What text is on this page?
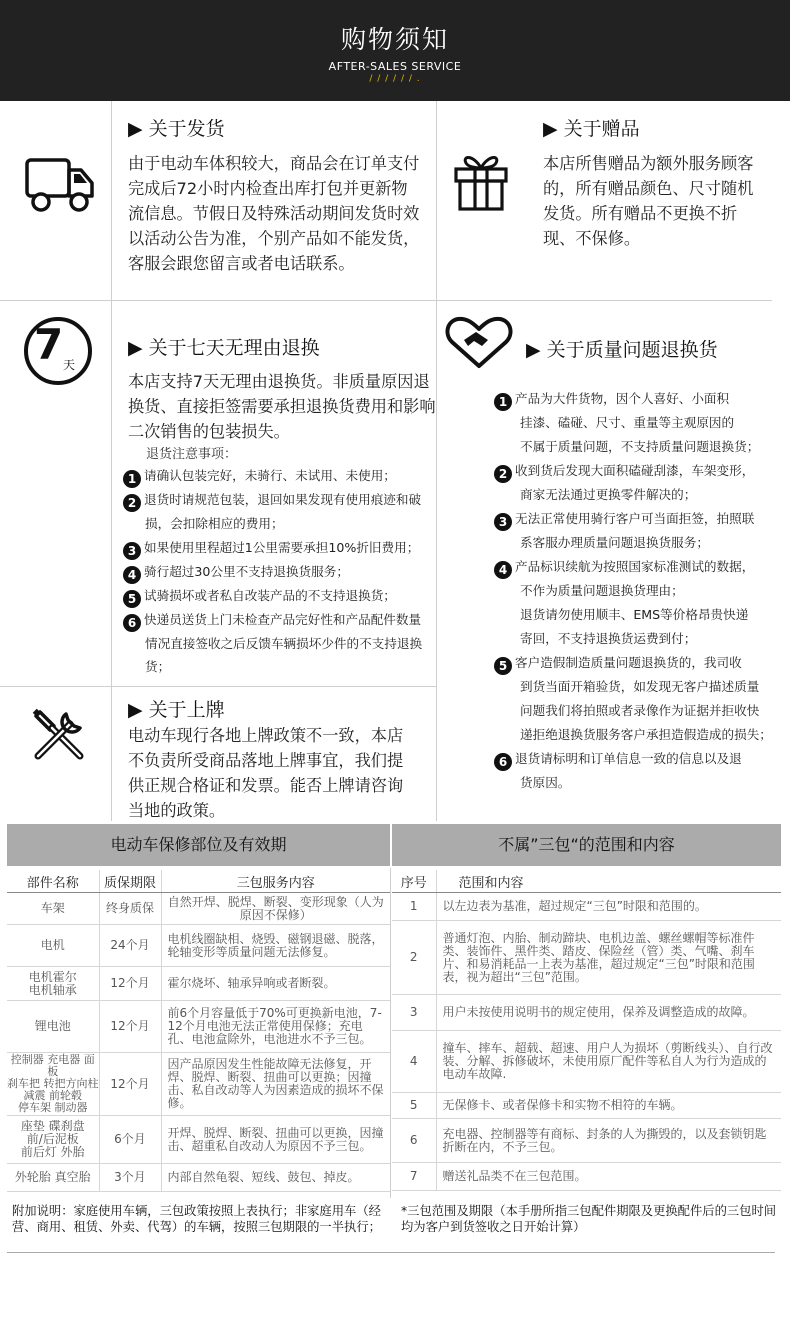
购物须知
AFTER-SALES SERVICE
/ / / / / / .
▶ 关于发货
由于电动车体积较大，商品会在订单支付完成后72小时内检查出库打包并更新物流信息。节假日及特殊活动期间发货时效以活动公告为准，个别产品如不能发货，客服会跟您留言或者电话联系。
▶ 关于赠品
本店所售赠品为额外服务顾客的，所有赠品颜色、尺寸随机发货。所有赠品不更换不折现、不保修。
7 天
▶ 关于七天无理由退换
本店支持7天无理由退换货。非质量原因退换货、直接拒签需要承担退换货费用和影响二次销售的包装损失。
退货注意事项：
1 请确认包装完好，未骑行、未试用、未使用；
2 退货时请规范包装，退回如果发现有使用痕迹和破损，会扣除相应的费用；
3 如果使用里程超过1公里需要承担10%折旧费用；
4 骑行超过30公里不支持退换货服务；
5 试骑损坏或者私自改装产品的不支持退换货；
6 快递员送货上门未检查产品完好性和产品配件数量情况直接签收之后反馈车辆损坏少件的不支持退换货；
▶ 关于质量问题退换货
1 产品为大件货物，因个人喜好、小面积
挂漆、磕碰、尺寸、重量等主观原因的
不属于质量问题，不支持质量问题退换货；
2 收到货后发现大面积磕碰刮漆，车架变形，
商家无法通过更换零件解决的；
3 无法正常使用骑行客户可当面拒签，拍照联
系客服办理质量问题退换货服务；
4 产品标识续航为按照国家标准测试的数据，
不作为质量问题退换货理由；
退货请勿使用顺丰、EMS等价格昂贵快递
寄回，不支持退换货运费到付；
5 客户造假制造质量问题退换货的，我司收
到货当面开箱验货，如发现无客户描述质量
问题我们将拍照或者录像作为证据并拒收快
递拒绝退换货服务客户承担造假造成的损失；
6 退货请标明和订单信息一致的信息以及退
货原因。
▶ 关于上牌
电动车现行各地上牌政策不一致，本店不负责所受商品落地上牌事宜，我们提供正规合格证和发票。能否上牌请咨询当地的政策。
电动车保修部位及有效期	不属”三包“的范围和内容
部件名称	质保期限	三包服务内容
车架	终身质保	自然开焊、脱焊、断裂、变形现象（人为原因不保修）
电机	24个月	电机线圈缺相、烧毁、磁钢退磁、脱落，轮轴变形等质量问题无法修复。
电机霍尔
电机轴承	12个月	霍尔烧坏、轴承异响或者断裂。
锂电池	12个月	前6个月容量低于70%可更换新电池，7-12个月电池无法正常使用保修；充电孔、电池盒除外，电池进水不予三包。
控制器 充电器 面板
刹车把 转把方向柱
减震 前轮毂
停车架 制动器	12个月	因产品原因发生性能故障无法修复，开焊、脱焊、断裂、扭曲可以更换；因撞击、私自改动等人为因素造成的损坏不保修。
座垫 碟刹盘
前/后泥板
前后灯 外胎	6个月	开焊、脱焊、断裂、扭曲可以更换，因撞击、超重私自改动人为原因不予三包。
外轮胎 真空胎	3个月	内部自然龟裂、短线、鼓包、掉皮。
序号	范围和内容
1	以左边表为基准，超过规定“三包”时限和范围的。
2	普通灯泡、内胎、制动蹄块、电机边盖、螺丝螺帽等标准件类、装饰件、黑件类、踏皮、保险丝（管）类、气嘴、刹车片、和易消耗品一上表为基准，超过规定“三包”时限和范围表，视为超出“三包”范围。
3	用户未按使用说明书的规定使用，保养及调整造成的故障。
4	撞车、摔车、超载、超速、用户人为损坏（剪断线头）、自行改装、分解、拆修破坏，未使用原厂配件等私自人为行为造成的电动车故障.
5	无保修卡、或者保修卡和实物不相符的车辆。
6	充电器、控制器等有商标、封条的人为撕毁的，以及套锁钥匙折断在内，不予三包。
7	赠送礼品类不在三包范围。
附加说明：家庭使用车辆，三包政策按照上表执行；非家庭用车（经营、商用、租赁、外卖、代驾）的车辆，按照三包期限的一半执行；
*三包范围及期限（本手册所指三包配件期限及更换配件后的三包时间均为客户到货签收之日开始计算）
